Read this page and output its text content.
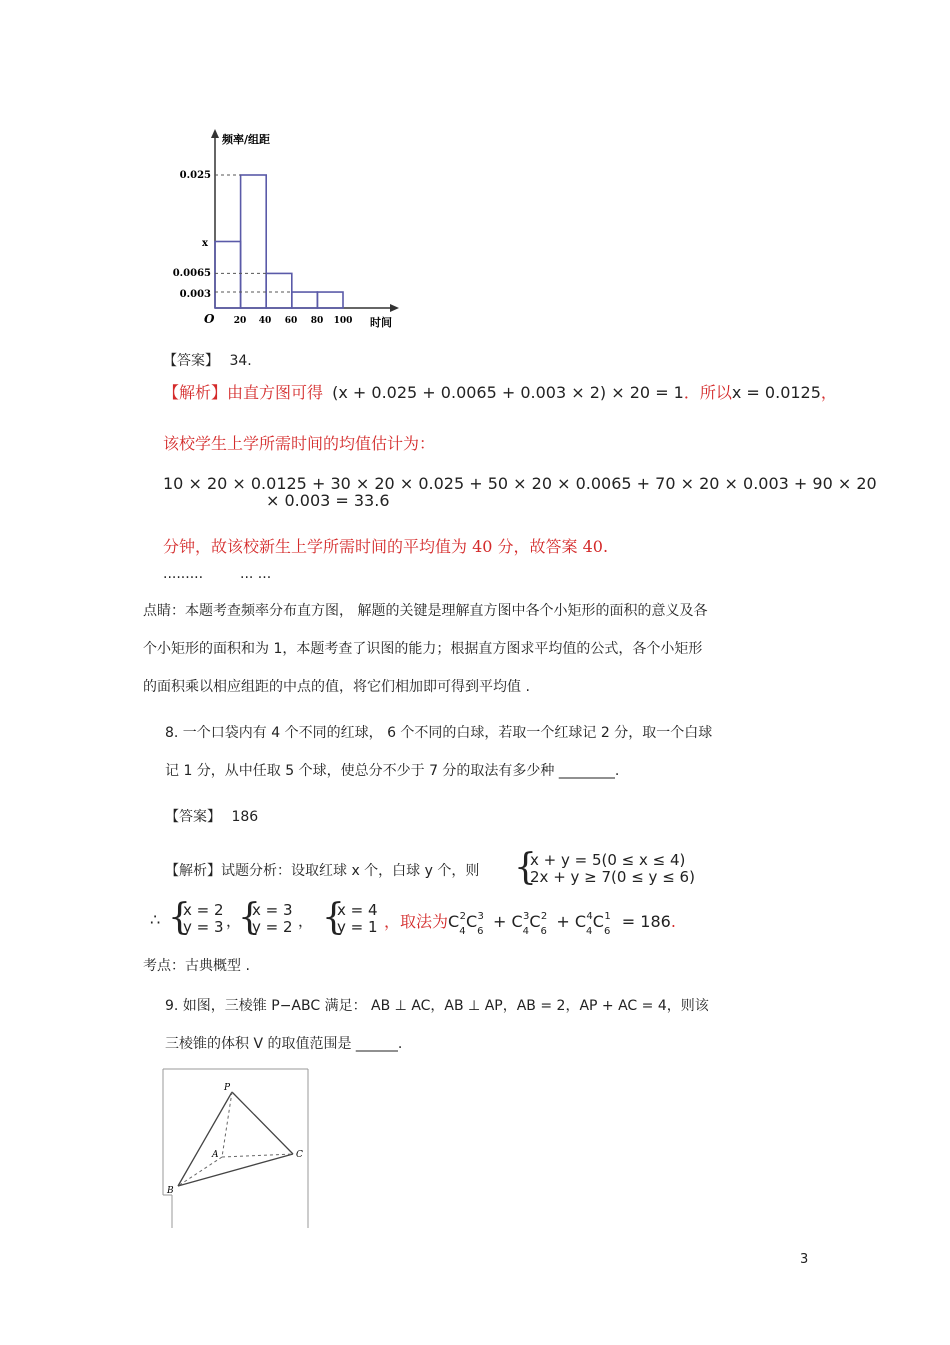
频率/组距
时间
O
0.025
x
0.0065
0.003
20 40 60 80 100
【答案】 34.
【解析】由直方图可得 (x + 0.025 + 0.0065 + 0.003 × 2) × 20 = 1．所以x = 0.0125，
该校学生上学所需时间的均值估计为：
10 × 20 × 0.0125 + 30 × 20 × 0.025 + 50 × 20 × 0.0065 + 70 × 20 × 0.003 + 90 × 20
× 0.003 = 33.6
分钟，故该校新生上学所需时间的平均值为 40 分，故答案 40.
.........	... ...
点睛：本题考查频率分布直方图， 解题的关键是理解直方图中各个小矩形的面积的意义及各
个小矩形的面积和为 1，本题考查了识图的能力；根据直方图求平均值的公式，各个小矩形
的面积乘以相应组距的中点的值，将它们相加即可得到平均值 .
8. 一个口袋内有 4 个不同的红球， 6 个不同的白球，若取一个红球记 2 分，取一个白球
记 1 分，从中任取 5 个球，使总分不少于 7 分的取法有多少种 ________.
【答案】 186
【解析】试题分析：设取红球 x 个，白球 y 个，则 {
x + y = 5(0 ≤ x ≤ 4)
2x + y ≥ 7(0 ≤ y ≤ 6)
∴ {
x = 2
y = 3 ，
{
x = 3
y = 2 ， {
x = 4
y = 1 ，取法为$C_4^2C_6^3 + C_4^3C_6^2 + C_4^4C_6^1 = 186$.
考点：古典概型 .
9. 如图，三棱锥 P−ABC 满足： AB ⊥ AC，AB ⊥ AP，AB = 2，AP + AC = 4，则该
三棱锥的体积 V 的取值范围是 ______.
P
A
B
C
3
